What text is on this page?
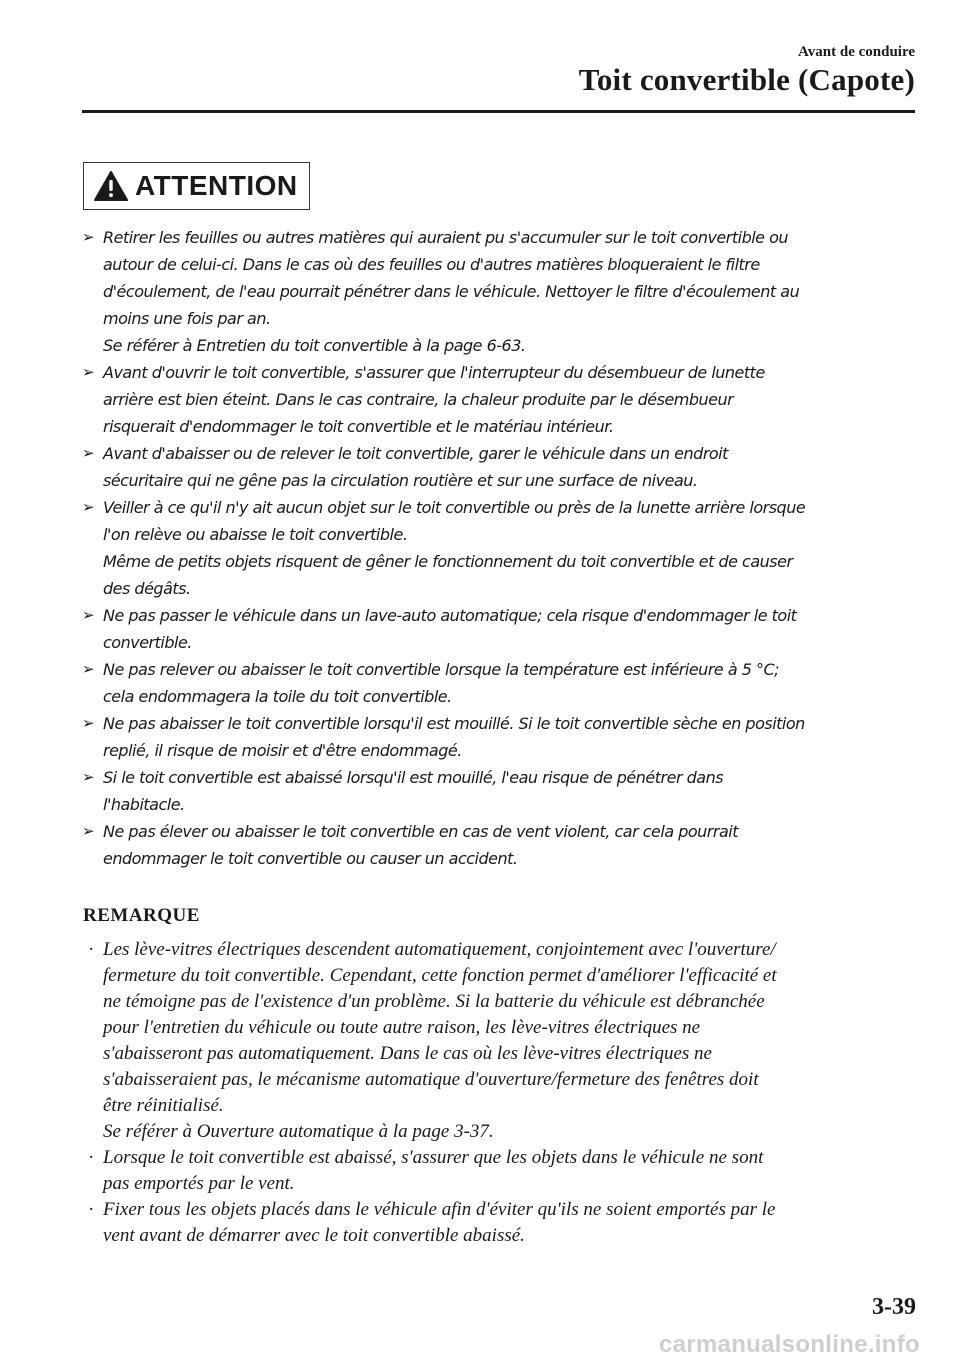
Avant de conduire
Toit convertible (Capote)
ATTENTION
➢ Retirer les feuilles ou autres matières qui auraient pu s'accumuler sur le toit convertible ou
autour de celui-ci. Dans le cas où des feuilles ou d'autres matières bloqueraient le filtre
d'écoulement, de l'eau pourrait pénétrer dans le véhicule. Nettoyer le filtre d'écoulement au
moins une fois par an.
Se référer à Entretien du toit convertible à la page 6-63.
➢ Avant d'ouvrir le toit convertible, s'assurer que l'interrupteur du désembueur de lunette
arrière est bien éteint. Dans le cas contraire, la chaleur produite par le désembueur
risquerait d'endommager le toit convertible et le matériau intérieur.
➢ Avant d'abaisser ou de relever le toit convertible, garer le véhicule dans un endroit
sécuritaire qui ne gêne pas la circulation routière et sur une surface de niveau.
➢ Veiller à ce qu'il n'y ait aucun objet sur le toit convertible ou près de la lunette arrière lorsque
l'on relève ou abaisse le toit convertible.
Même de petits objets risquent de gêner le fonctionnement du toit convertible et de causer
des dégâts.
➢ Ne pas passer le véhicule dans un lave-auto automatique; cela risque d'endommager le toit
convertible.
➢ Ne pas relever ou abaisser le toit convertible lorsque la température est inférieure à 5 °C;
cela endommagera la toile du toit convertible.
➢ Ne pas abaisser le toit convertible lorsqu'il est mouillé. Si le toit convertible sèche en position
replié, il risque de moisir et d'être endommagé.
➢ Si le toit convertible est abaissé lorsqu'il est mouillé, l'eau risque de pénétrer dans
l'habitacle.
➢ Ne pas élever ou abaisser le toit convertible en cas de vent violent, car cela pourrait
endommager le toit convertible ou causer un accident.
REMARQUE
· Les lève-vitres électriques descendent automatiquement, conjointement avec l'ouverture/
fermeture du toit convertible. Cependant, cette fonction permet d'améliorer l'efficacité et
ne témoigne pas de l'existence d'un problème. Si la batterie du véhicule est débranchée
pour l'entretien du véhicule ou toute autre raison, les lève-vitres électriques ne
s'abaisseront pas automatiquement. Dans le cas où les lève-vitres électriques ne
s'abaisseraient pas, le mécanisme automatique d'ouverture/fermeture des fenêtres doit
être réinitialisé.
Se référer à Ouverture automatique à la page 3-37.
· Lorsque le toit convertible est abaissé, s'assurer que les objets dans le véhicule ne sont
pas emportés par le vent.
· Fixer tous les objets placés dans le véhicule afin d'éviter qu'ils ne soient emportés par le
vent avant de démarrer avec le toit convertible abaissé.
3-39
carmanualsonline.info
